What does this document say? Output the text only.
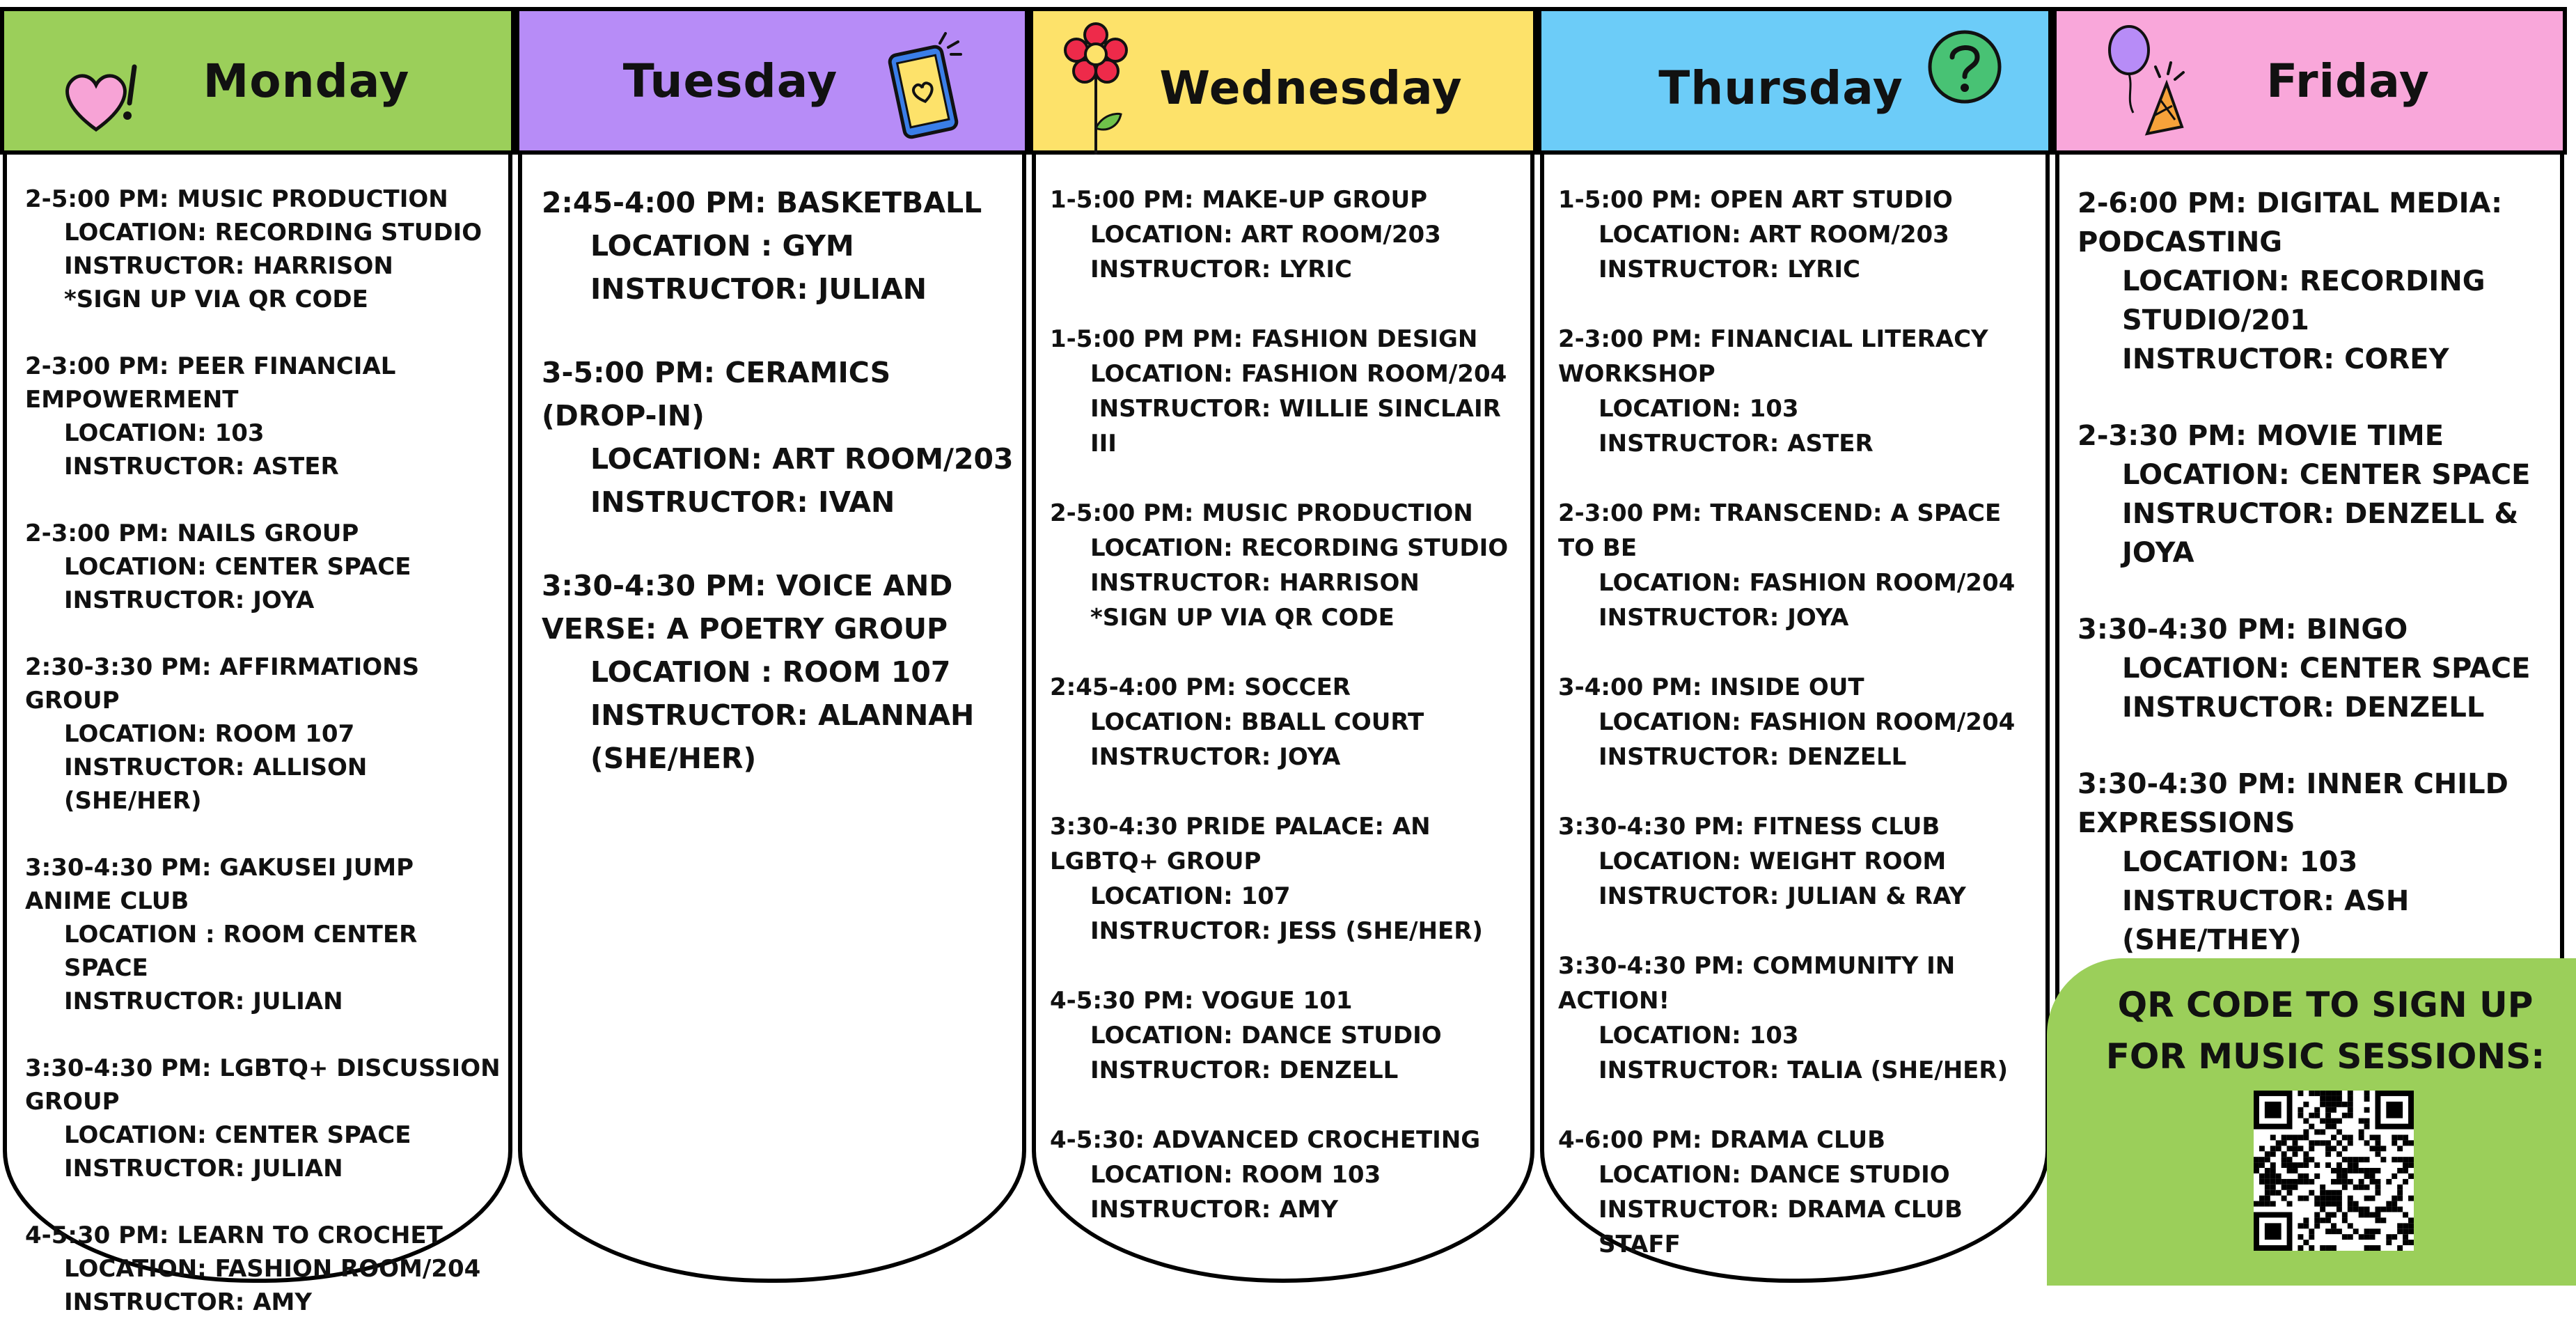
Monday
2-5:00 PM: MUSIC PRODUCTION
LOCATION: RECORDING STUDIO
INSTRUCTOR: HARRISON
*SIGN UP VIA QR CODE
2-3:00 PM: PEER FINANCIAL EMPOWERMENT
LOCATION: 103
INSTRUCTOR: ASTER
2-3:00 PM: NAILS GROUP
LOCATION: CENTER SPACE
INSTRUCTOR: JOYA
2:30-3:30 PM: AFFIRMATIONS GROUP
LOCATION: ROOM 107
INSTRUCTOR: ALLISON (SHE/HER)
3:30-4:30 PM: GAKUSEI JUMP ANIME CLUB
LOCATION : ROOM CENTER SPACE
INSTRUCTOR: JULIAN
3:30-4:30 PM: LGBTQ+ DISCUSSION GROUP
LOCATION: CENTER SPACE
INSTRUCTOR: JULIAN
4-5:30 PM: LEARN TO CROCHET
LOCATION: FASHION ROOM/204
INSTRUCTOR: AMY
Tuesday
2:45-4:00 PM: BASKETBALL
LOCATION : GYM
INSTRUCTOR: JULIAN
3-5:00 PM: CERAMICS (DROP-IN)
LOCATION: ART ROOM/203
INSTRUCTOR: IVAN
3:30-4:30 PM: VOICE AND VERSE: A POETRY GROUP
LOCATION : ROOM 107
INSTRUCTOR: ALANNAH (SHE/HER)
Wednesday
1-5:00 PM: MAKE-UP GROUP
LOCATION: ART ROOM/203
INSTRUCTOR: LYRIC
1-5:00 PM PM: FASHION DESIGN
LOCATION: FASHION ROOM/204
INSTRUCTOR: WILLIE SINCLAIR III
2-5:00 PM: MUSIC PRODUCTION
LOCATION: RECORDING STUDIO
INSTRUCTOR: HARRISON
*SIGN UP VIA QR CODE
2:45-4:00 PM: SOCCER
LOCATION: BBALL COURT
INSTRUCTOR: JOYA
3:30-4:30 PRIDE PALACE: AN LGBTQ+ GROUP
LOCATION: 107
INSTRUCTOR: JESS (SHE/HER)
4-5:30 PM: VOGUE 101
LOCATION: DANCE STUDIO
INSTRUCTOR: DENZELL
4-5:30: ADVANCED CROCHETING
LOCATION: ROOM 103
INSTRUCTOR: AMY
Thursday
1-5:00 PM: OPEN ART STUDIO
LOCATION: ART ROOM/203
INSTRUCTOR: LYRIC
2-3:00 PM: FINANCIAL LITERACY WORKSHOP
LOCATION: 103
INSTRUCTOR: ASTER
2-3:00 PM: TRANSCEND: A SPACE TO BE
LOCATION: FASHION ROOM/204
INSTRUCTOR: JOYA
3-4:00 PM: INSIDE OUT
LOCATION: FASHION ROOM/204
INSTRUCTOR: DENZELL
3:30-4:30 PM: FITNESS CLUB
LOCATION: WEIGHT ROOM
INSTRUCTOR: JULIAN & RAY
3:30-4:30 PM: COMMUNITY IN ACTION!
LOCATION: 103
INSTRUCTOR: TALIA (SHE/HER)
4-6:00 PM: DRAMA CLUB
LOCATION: DANCE STUDIO
INSTRUCTOR: DRAMA CLUB STAFF
Friday
2-6:00 PM: DIGITAL MEDIA: PODCASTING
LOCATION: RECORDING STUDIO/201
INSTRUCTOR: COREY
2-3:30 PM: MOVIE TIME
LOCATION: CENTER SPACE
INSTRUCTOR: DENZELL & JOYA
3:30-4:30 PM: BINGO
LOCATION: CENTER SPACE
INSTRUCTOR: DENZELL
3:30-4:30 PM: INNER CHILD EXPRESSIONS
LOCATION: 103
INSTRUCTOR: ASH (SHE/THEY)
QR CODE TO SIGN UP FOR MUSIC SESSIONS:
